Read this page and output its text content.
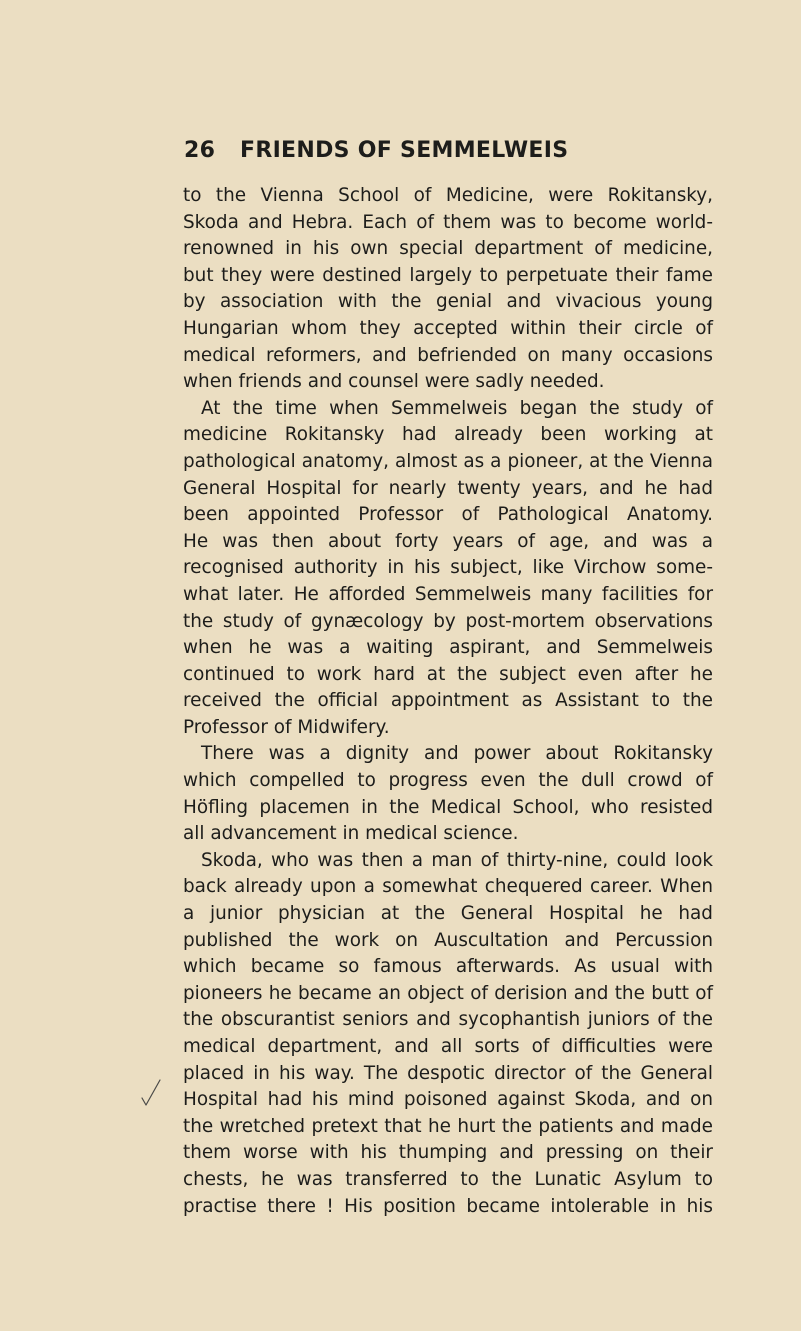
26 FRIENDS OF SEMMELWEIS
to the Vienna School of Medicine, were Rokitansky,
Skoda and Hebra. Each of them was to become world-
renowned in his own special department of medicine,
but they were destined largely to perpetuate their fame
by association with the genial and vivacious young
Hungarian whom they accepted within their circle of
medical reformers, and befriended on many occasions
when friends and counsel were sadly needed.
At the time when Semmelweis began the study of
medicine Rokitansky had already been working at
pathological anatomy, almost as a pioneer, at the Vienna
General Hospital for nearly twenty years, and he had
been appointed Professor of Pathological Anatomy.
He was then about forty years of age, and was a
recognised authority in his subject, like Virchow some-
what later. He afforded Semmelweis many facilities for
the study of gynæcology by post-mortem observations
when he was a waiting aspirant, and Semmelweis
continued to work hard at the subject even after he
received the official appointment as Assistant to the
Professor of Midwifery.
There was a dignity and power about Rokitansky
which compelled to progress even the dull crowd of
Höfling placemen in the Medical School, who resisted
all advancement in medical science.
Skoda, who was then a man of thirty-nine, could look
back already upon a somewhat chequered career. When
a junior physician at the General Hospital he had
published the work on Auscultation and Percussion
which became so famous afterwards. As usual with
pioneers he became an object of derision and the butt of
the obscurantist seniors and sycophantish juniors of the
medical department, and all sorts of difficulties were
placed in his way. The despotic director of the General
Hospital had his mind poisoned against Skoda, and on
the wretched pretext that he hurt the patients and made
them worse with his thumping and pressing on their
chests, he was transferred to the Lunatic Asylum to
practise there ! His position became intolerable in his
